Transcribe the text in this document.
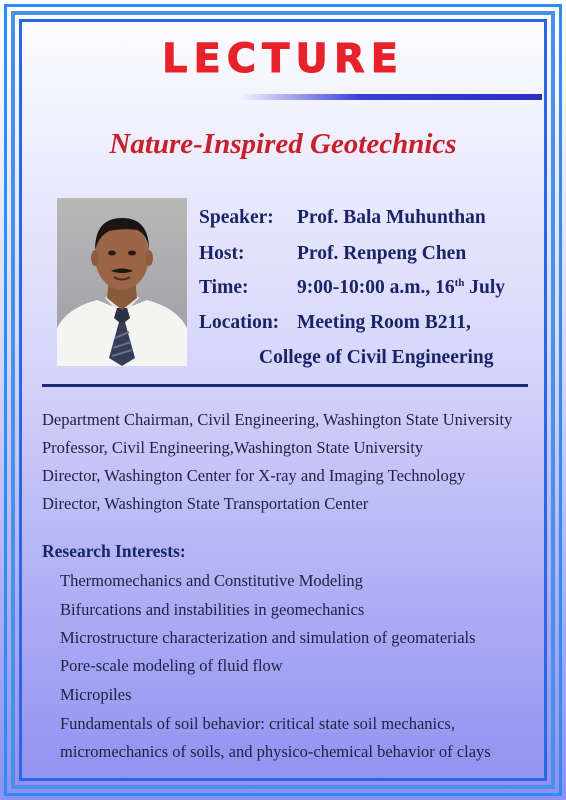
LECTURE
Nature-Inspired Geotechnics
Speaker: Prof. Bala Muhunthan
Host:	Prof. Renpeng Chen
Time: 9:00-10:00 a.m., 16th July
Location: Meeting Room B211,
College of Civil Engineering
Department Chairman, Civil Engineering, Washington State University
Professor, Civil Engineering,Washington State University
Director, Washington Center for X-ray and Imaging Technology
Director, Washington State Transportation Center
Research Interests:
Thermomechanics and Constitutive Modeling
Bifurcations and instabilities in geomechanics
Microstructure characterization and simulation of geomaterials
Pore-scale modeling of fluid flow
Micropiles
Fundamentals of soil behavior: critical state soil mechanics,
micromechanics of soils, and physico-chemical behavior of clays
